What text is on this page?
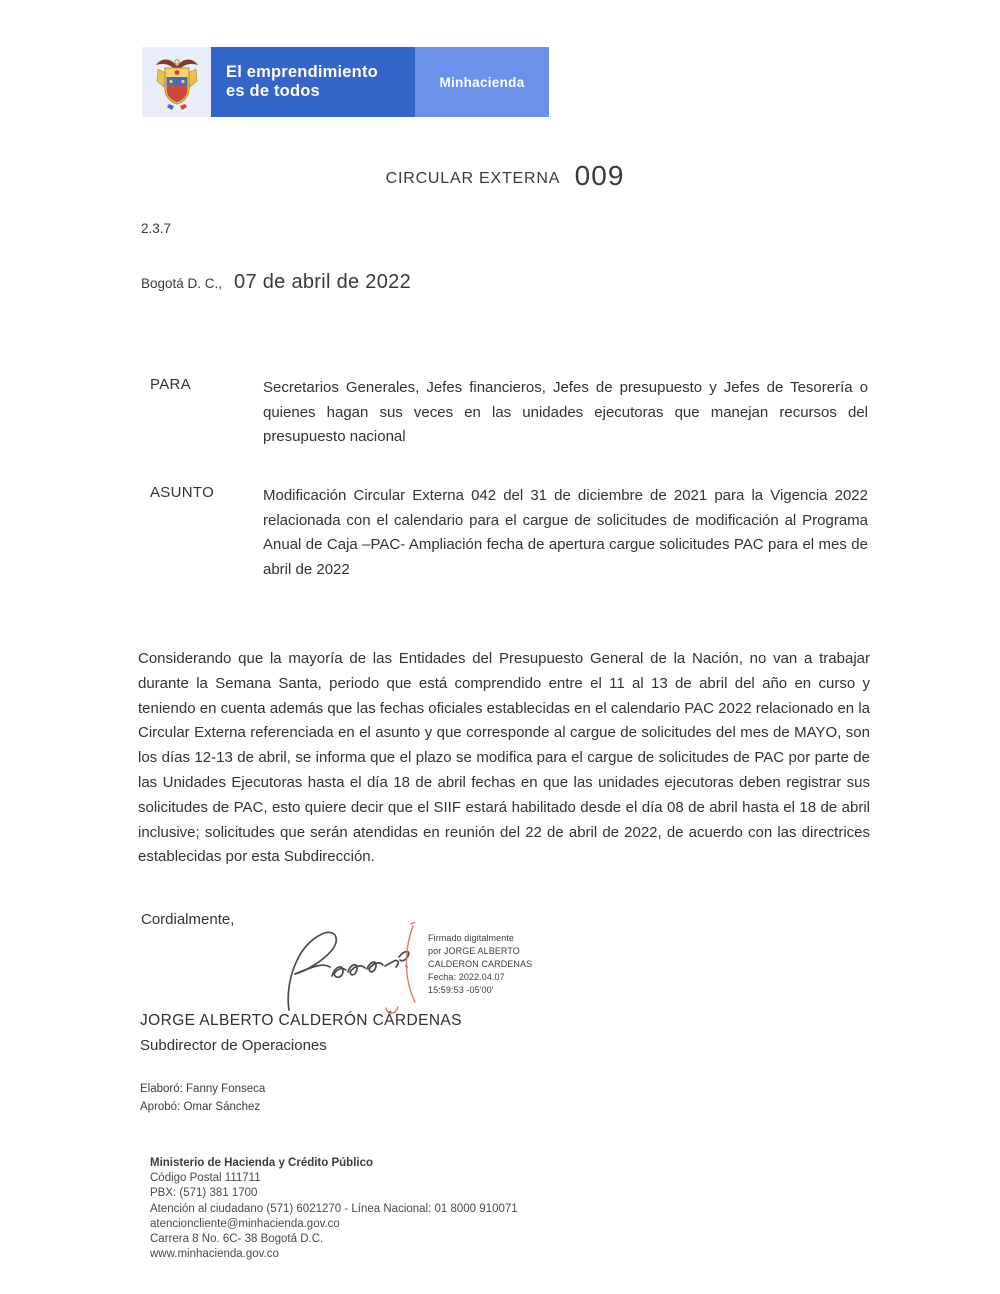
El emprendimiento
es de todos	Minhacienda
CIRCULAR EXTERNA 009
2.3.7
Bogotá D. C., 07 de abril de 2022
PARA	Secretarios Generales, Jefes financieros, Jefes de presupuesto y Jefes de Tesorería o quienes hagan sus veces en las unidades ejecutoras que manejan recursos del presupuesto nacional
ASUNTO	Modificación Circular Externa 042 del 31 de diciembre de 2021 para la Vigencia 2022 relacionada con el calendario para el cargue de solicitudes de modificación al Programa Anual de Caja –PAC- Ampliación fecha de apertura cargue solicitudes PAC para el mes de abril de 2022

Considerando que la mayoría de las Entidades del Presupuesto General de la Nación, no van a trabajar durante la Semana Santa, periodo que está comprendido entre el 11 al 13 de abril del año en curso y teniendo en cuenta además que las fechas oficiales establecidas en el calendario PAC 2022 relacionado en la Circular Externa referenciada en el asunto y que corresponde al cargue de solicitudes del mes de MAYO, son los días 12-13 de abril, se informa que el plazo se modifica para el cargue de solicitudes de PAC por parte de las Unidades Ejecutoras hasta el día 18 de abril fechas en que las unidades ejecutoras deben registrar sus solicitudes de PAC, esto quiere decir que el SIIF estará habilitado desde el día 08 de abril hasta el 18 de abril inclusive; solicitudes que serán atendidas en reunión del 22 de abril de 2022, de acuerdo con las directrices establecidas por esta Subdirección.

Cordialmente,
Firmado digitalmente
por JORGE ALBERTO
CALDERON CARDENAS
Fecha: 2022.04.07
15:59:53 -05'00'
JORGE ALBERTO CALDERÓN CÁRDENAS
Subdirector de Operaciones
Elaboró: Fanny Fonseca
Aprobó: Omar Sánchez
Ministerio de Hacienda y Crédito Público
Código Postal 111711
PBX: (571) 381 1700
Atención al ciudadano (571) 6021270 - Línea Nacional: 01 8000 910071
atencioncliente@minhacienda.gov.co
Carrera 8 No. 6C- 38 Bogotá D.C.
www.minhacienda.gov.co
